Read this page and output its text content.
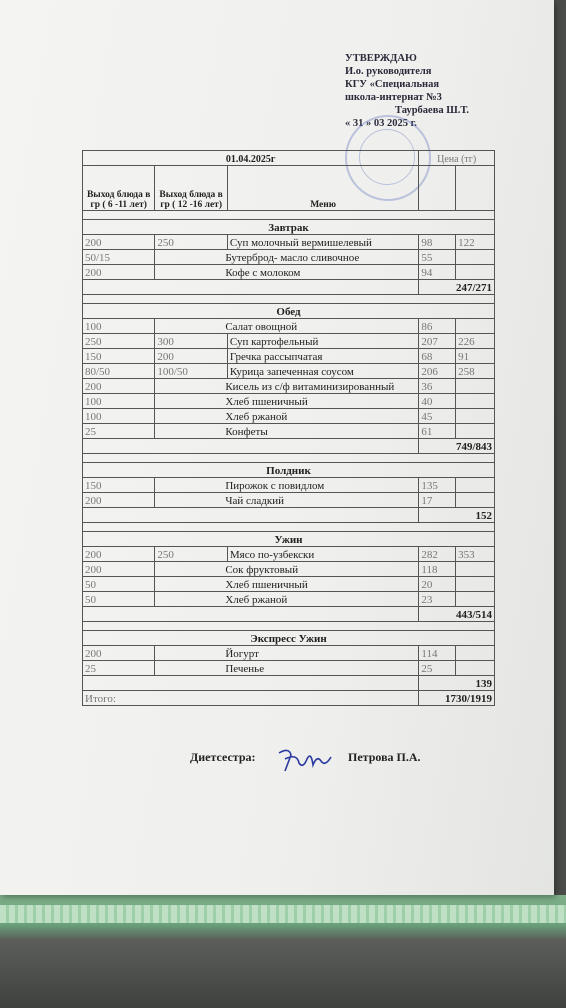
УТВЕРЖДАЮ
И.о. руководителя
КГУ «Специальная
школа-интернат №3
Таурбаева Ш.Т.
« 31 » 03 2025 г.
01.04.2025г			Цена (тг)	
Выход блюда в гр ( 6 -11 лет)	Выход блюда в гр ( 12 -16 лет)	Меню		

Завтрак				
200	250	Суп молочный вермишелевый	98	122
50/15	Бутерброд- масло сливочное		55	
200	Кофе с молоком		94	
			247/271	

Обед				
100	Салат овощной		86	
250	300	Суп картофельный	207	226
150	200	Гречка рассыпчатая	68	91
80/50	100/50	Курица запеченная соусом	206	258
200	Кисель из с/ф витаминизированный		36	
100	Хлеб пшеничный		40	
100	Хлеб ржаной		45	
25	Конфеты		61	
			749/843	

Полдник				
150	Пирожок с повидлом		135	
200	Чай сладкий		17	
			152	

Ужин				
200	250	Мясо по-узбекски	282	353
200	Сок фруктовый		118	
50	Хлеб пшеничный		20	
50	Хлеб ржаной		23	
			443/514	

Экспресс Ужин				
200	Йогурт		114	
25	Печенье		25	
			139	
Итого:			1730/1919	
Диетсестра:	Петрова П.А.
